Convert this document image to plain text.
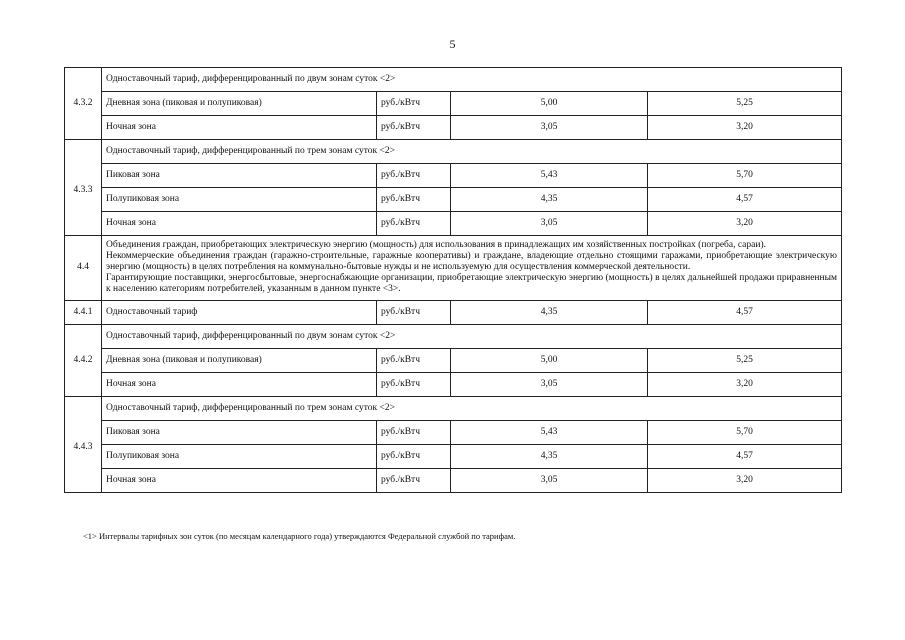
5
4.3.2	Одноставочный тариф, дифференцированный по двум зонам суток <2>			
	Дневная зона (пиковая и полупиковая)	руб./кВтч	5,00	5,25
	Ночная зона	руб./кВтч	3,05	3,20
4.3.3	Одноставочный тариф, дифференцированный по трем зонам суток <2>			
	Пиковая зона	руб./кВтч	5,43	5,70
	Полупиковая зона	руб./кВтч	4,35	4,57
	Ночная зона	руб./кВтч	3,05	3,20
4.4	Объединения граждан, приобретающих электрическую энергию (мощность) для использования в принадлежащих им хозяйственных постройках (погреба, сараи).
Некоммерческие объединения граждан (гаражно-строительные, гаражные кооперативы) и граждане, владеющие отдельно стоящими гаражами, приобретающие электрическую энергию (мощность) в целях потребления на коммунально-бытовые нужды и не используемую для осуществления коммерческой деятельности.
Гарантирующие поставщики, энергосбытовые, энергоснабжающие организации, приобретающие электрическую энергию (мощность) в целях дальнейшей продажи приравненным к населению категориям потребителей, указанным в данном пункте <3>.			

4.4.1	Одноставочный тариф	руб./кВтч	4,35	4,57
4.4.2	Одноставочный тариф, дифференцированный по двум зонам суток <2>			
	Дневная зона (пиковая и полупиковая)	руб./кВтч	5,00	5,25
	Ночная зона	руб./кВтч	3,05	3,20
4.4.3	Одноставочный тариф, дифференцированный по трем зонам суток <2>			
	Пиковая зона	руб./кВтч	5,43	5,70
	Полупиковая зона	руб./кВтч	4,35	4,57
	Ночная зона	руб./кВтч	3,05	3,20
<1> Интервалы тарифных зон суток (по месяцам календарного года) утверждаются Федеральной службой по тарифам.
